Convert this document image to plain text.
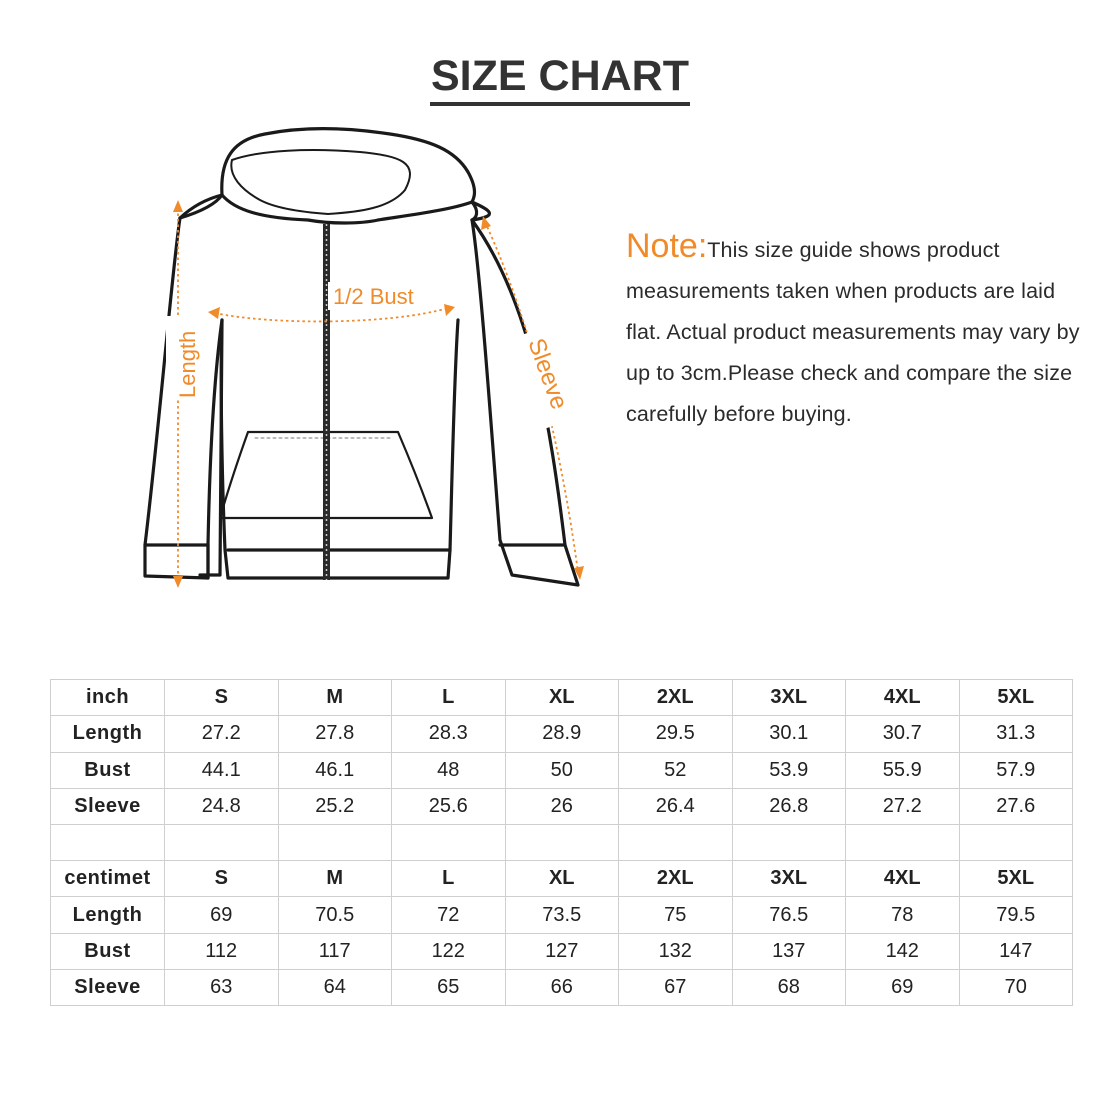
SIZE CHART
1/2 Bust
Length	Sleeve
Note:This size guide shows product measurements taken when products are laid flat. Actual product measurements may vary by up to 3cm.Please check and compare the size carefully before buying.
inch	S	M	L	XL	2XL	3XL	4XL	5XL
Length	27.2	27.8	28.3	28.9	29.5	30.1	30.7	31.3
Bust	44.1	46.1	48	50	52	53.9	55.9	57.9
Sleeve	24.8	25.2	25.6	26	26.4	26.8	27.2	27.6

centimet	S	M	L	XL	2XL	3XL	4XL	5XL
Length	69	70.5	72	73.5	75	76.5	78	79.5
Bust	112	117	122	127	132	137	142	147
Sleeve	63	64	65	66	67	68	69	70
